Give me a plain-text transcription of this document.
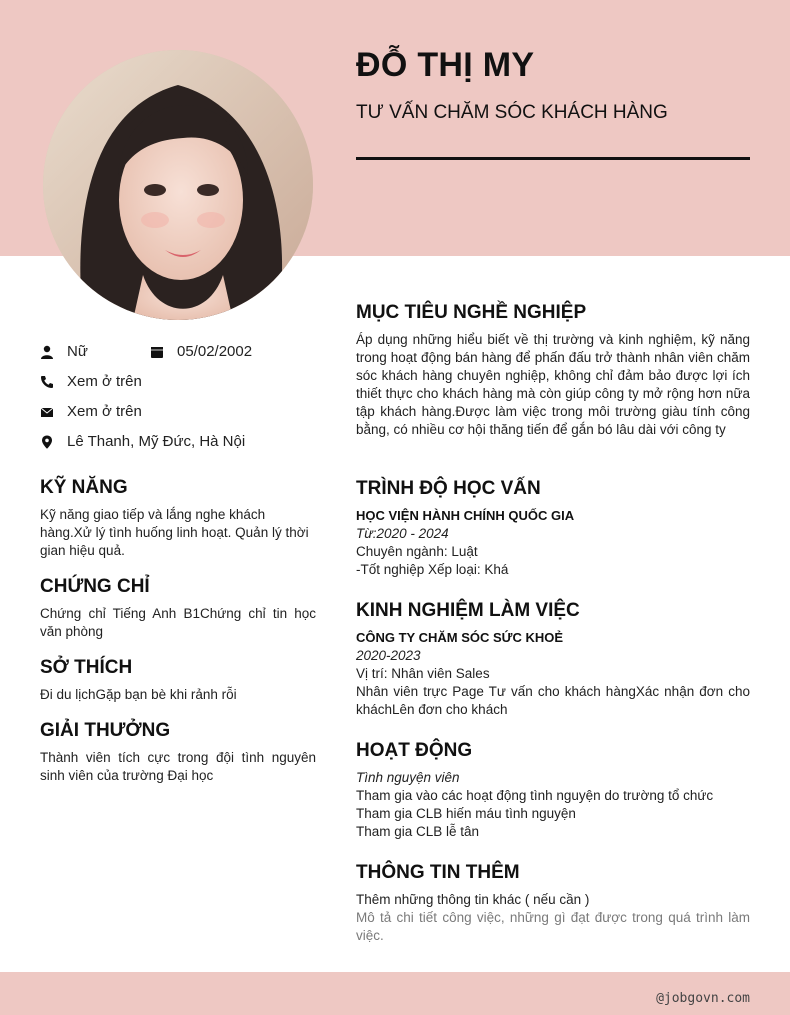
ĐỖ THỊ MY
TƯ VẤN CHĂM SÓC KHÁCH HÀNG
Nữ	05/02/2002
Xem ở trên
Xem ở trên
Lê Thanh, Mỹ Đức, Hà Nội
KỸ NĂNG
Kỹ năng giao tiếp và lắng nghe khách hàng.Xử lý tình huống linh hoạt. Quản lý thời gian hiệu quả.
CHỨNG CHỈ
Chứng chỉ Tiếng Anh B1Chứng chỉ tin học văn phòng
SỞ THÍCH
Đi du lịchGặp bạn bè khi rảnh rỗi
GIẢI THƯỞNG
Thành viên tích cực trong đội tình nguyên sinh viên của trường Đại học
MỤC TIÊU NGHỀ NGHIỆP
Áp dụng những hiểu biết về thị trường và kinh nghiệm, kỹ năng trong hoạt động bán hàng để phấn đấu trở thành nhân viên chăm sóc khách hàng chuyên nghiệp, không chỉ đảm bảo được lợi ích thiết thực cho khách hàng mà còn giúp công ty mở rộng hơn nữa tập khách hàng.Được làm việc trong môi trường giàu tính công bằng, có nhiều cơ hội thăng tiến để gắn bó lâu dài với công ty
TRÌNH ĐỘ HỌC VẤN
HỌC VIỆN HÀNH CHÍNH QUỐC GIA
Từ:2020 - 2024
Chuyên ngành: Luật
-Tốt nghiệp Xếp loại: Khá
KINH NGHIỆM LÀM VIỆC
CÔNG TY CHĂM SÓC SỨC KHOẺ
2020-2023
Vị trí: Nhân viên Sales
Nhân viên trực Page Tư vấn cho khách hàngXác nhận đơn cho kháchLên đơn cho khách
HOẠT ĐỘNG
Tình nguyện viên
Tham gia vào các hoạt động tình nguyện do trường tổ chức
Tham gia CLB hiến máu tình nguyện
Tham gia CLB lễ tân
THÔNG TIN THÊM
Thêm những thông tin khác ( nếu cần )
Mô tả chi tiết công việc, những gì đạt được trong quá trình làm việc.
@jobgovn.com
